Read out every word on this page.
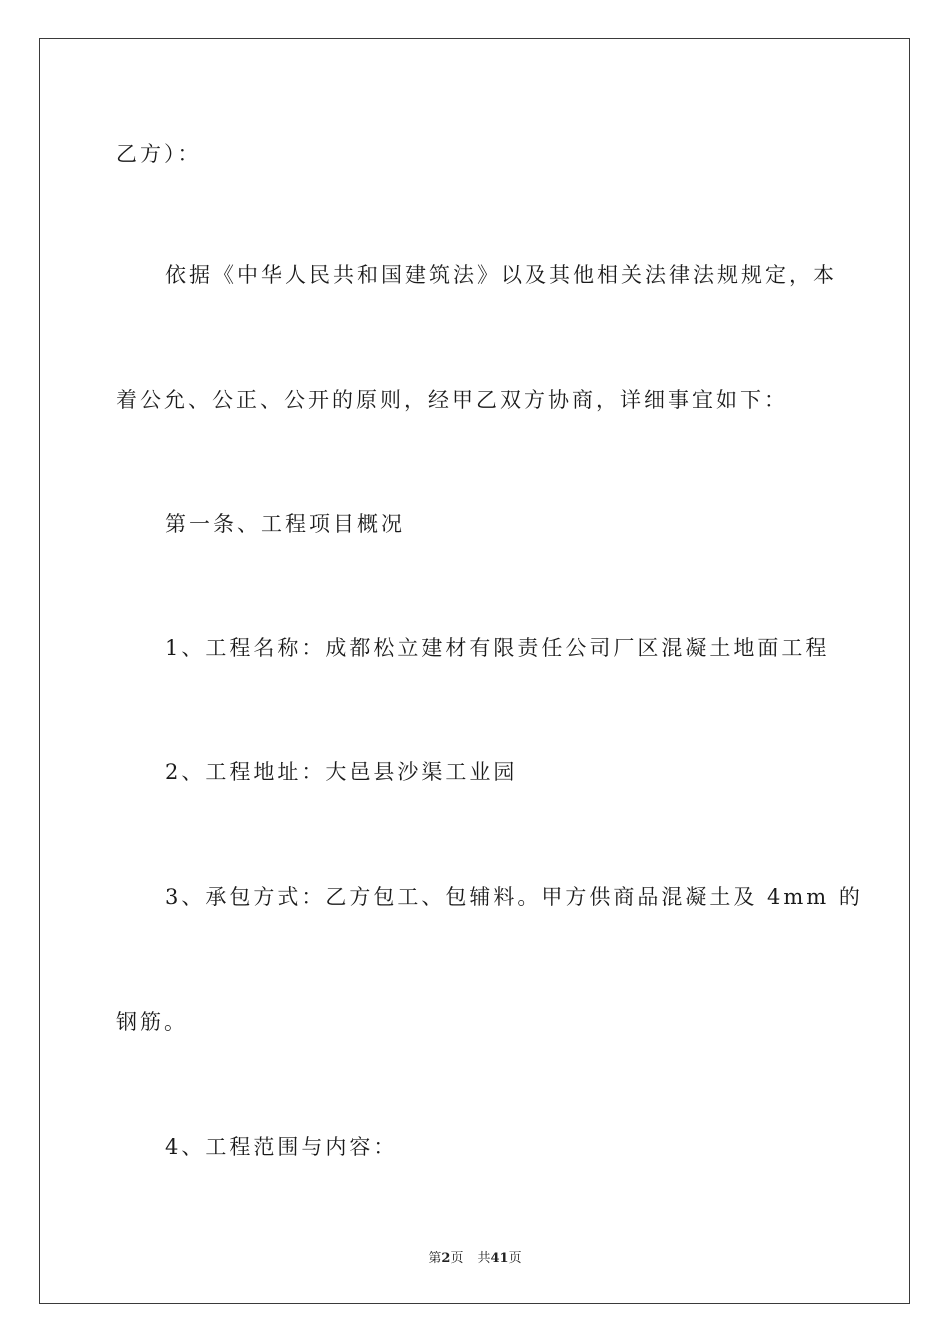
乙方）：
依据《中华人民共和国建筑法》以及其他相关法律法规规定，本
着公允、公正、公开的原则，经甲乙双方协商，详细事宜如下：
第一条、工程项目概况
1、工程名称：成都松立建材有限责任公司厂区混凝土地面工程
2、工程地址：大邑县沙渠工业园
3、承包方式：乙方包工、包辅料。甲方供商品混凝土及 4mm 的
钢筋。
4、工程范围与内容：
第2页 共41页
